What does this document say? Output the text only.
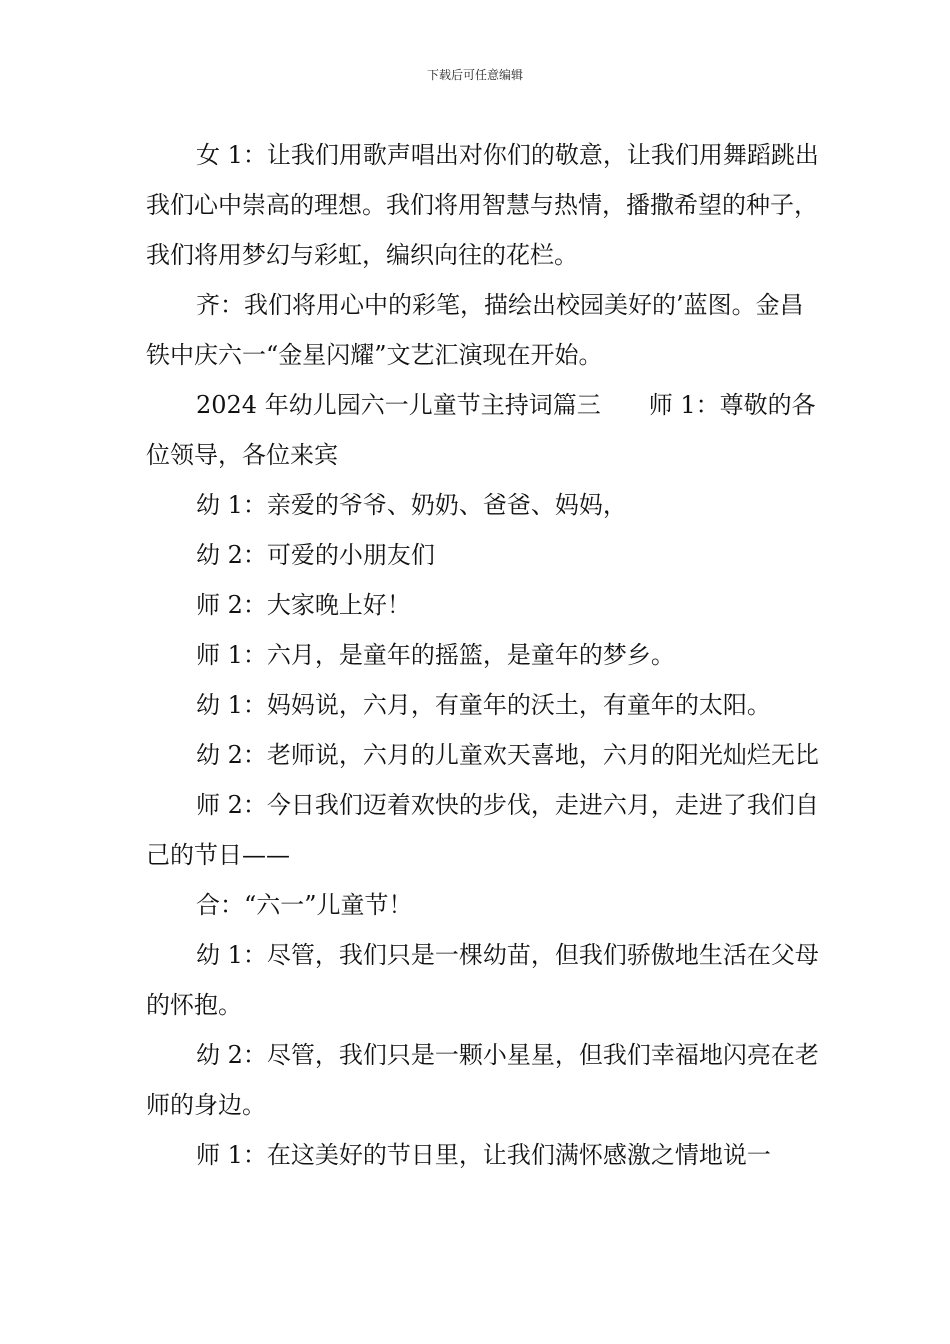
下载后可任意编辑

女 1：让我们用歌声唱出对你们的敬意，让我们用舞蹈跳出我们心中崇高的理想。我们将用智慧与热情，播撒希望的种子，我们将用梦幻与彩虹，编织向往的花栏。

齐：我们将用心中的彩笔，描绘出校园美好的’蓝图。金昌铁中庆六一“金星闪耀”文艺汇演现在开始。

2024 年幼儿园六一儿童节主持词篇三　　师 1：尊敬的各位领导，各位来宾

幼 1：亲爱的爷爷、奶奶、爸爸、妈妈，

幼 2：可爱的小朋友们

师 2：大家晚上好！

师 1：六月，是童年的摇篮，是童年的梦乡。

幼 1：妈妈说，六月，有童年的沃土，有童年的太阳。

幼 2：老师说，六月的儿童欢天喜地，六月的阳光灿烂无比

师 2：今日我们迈着欢快的步伐，走进六月，走进了我们自己的节日——

合：“六一”儿童节！

幼 1：尽管，我们只是一棵幼苗，但我们骄傲地生活在父母的怀抱。

幼 2：尽管，我们只是一颗小星星，但我们幸福地闪亮在老师的身边。

师 1：在这美好的节日里，让我们满怀感激之情地说一
